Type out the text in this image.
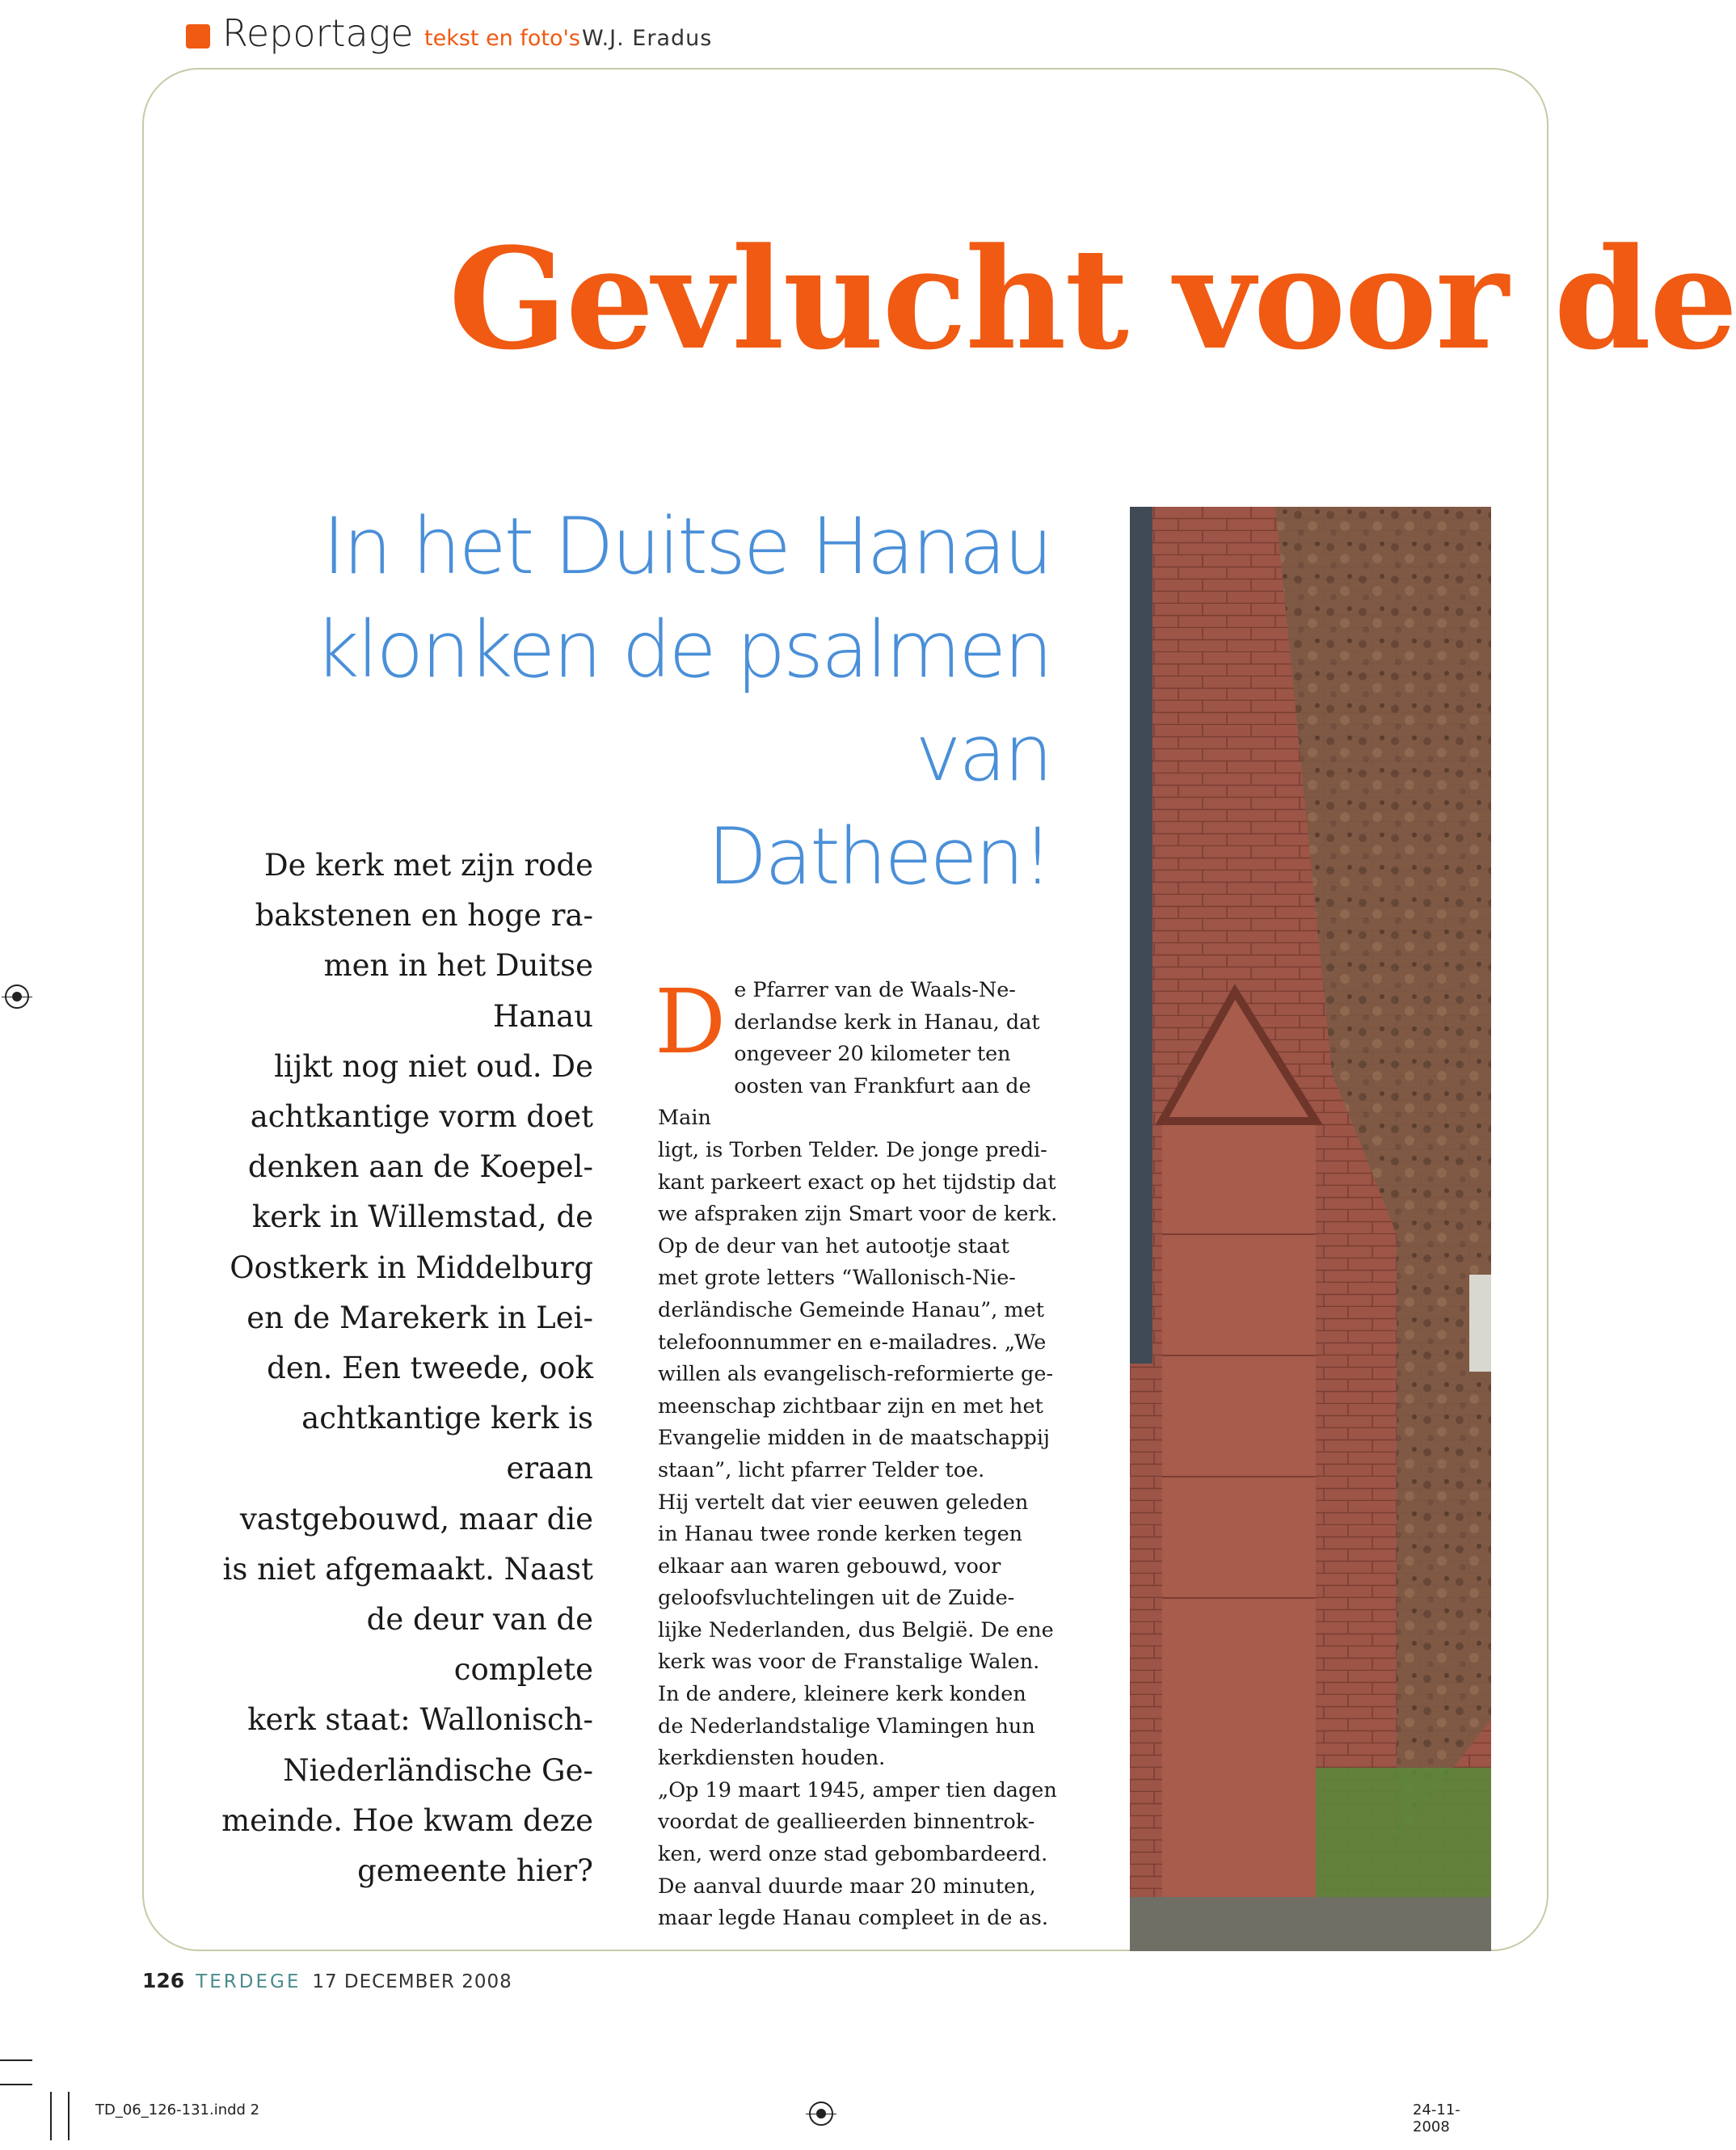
Reportage tekst en foto's W.J. Eradus
Gevlucht voor de
In het Duitse Hanau
klonken de psalmen van
Datheen!
De kerk met zijn rode
bakstenen en hoge ra-
men in het Duitse Hanau
lijkt nog niet oud. De
achtkantige vorm doet
denken aan de Koepel-
kerk in Willemstad, de
Oostkerk in Middelburg
en de Marekerk in Lei-
den. Een tweede, ook
achtkantige kerk is eraan
vastgebouwd, maar die
is niet afgemaakt. Naast
de deur van de complete
kerk staat: Wallonisch-
Niederländische Ge-
meinde. Hoe kwam deze
gemeente hier?
D e Pfarrer van de Waals-Ne-
derlandse kerk in Hanau, dat
ongeveer 20 kilometer ten
oosten van Frankfurt aan de Main
ligt, is Torben Telder. De jonge predi-
kant parkeert exact op het tijdstip dat
we afspraken zijn Smart voor de kerk.
Op de deur van het autootje staat
met grote letters “Wallonisch-Nie-
derländische Gemeinde Hanau”, met
telefoonnummer en e-mailadres. „We
willen als evangelisch-reformierte ge-
meenschap zichtbaar zijn en met het
Evangelie midden in de maatschappij
staan”, licht pfarrer Telder toe.
Hij vertelt dat vier eeuwen geleden
in Hanau twee ronde kerken tegen
elkaar aan waren gebouwd, voor
geloofsvluchtelingen uit de Zuide-
lijke Nederlanden, dus België. De ene
kerk was voor de Franstalige Walen.
In de andere, kleinere kerk konden
de Nederlandstalige Vlamingen hun
kerkdiensten houden.
„Op 19 maart 1945, amper tien dagen
voordat de geallieerden binnentrok-
ken, werd onze stad gebombardeerd.
De aanval duurde maar 20 minuten,
maar legde Hanau compleet in de as.
126 TERDEGE 17 DECEMBER 2008
TD_06_126-131.indd 2	24-11-2008
